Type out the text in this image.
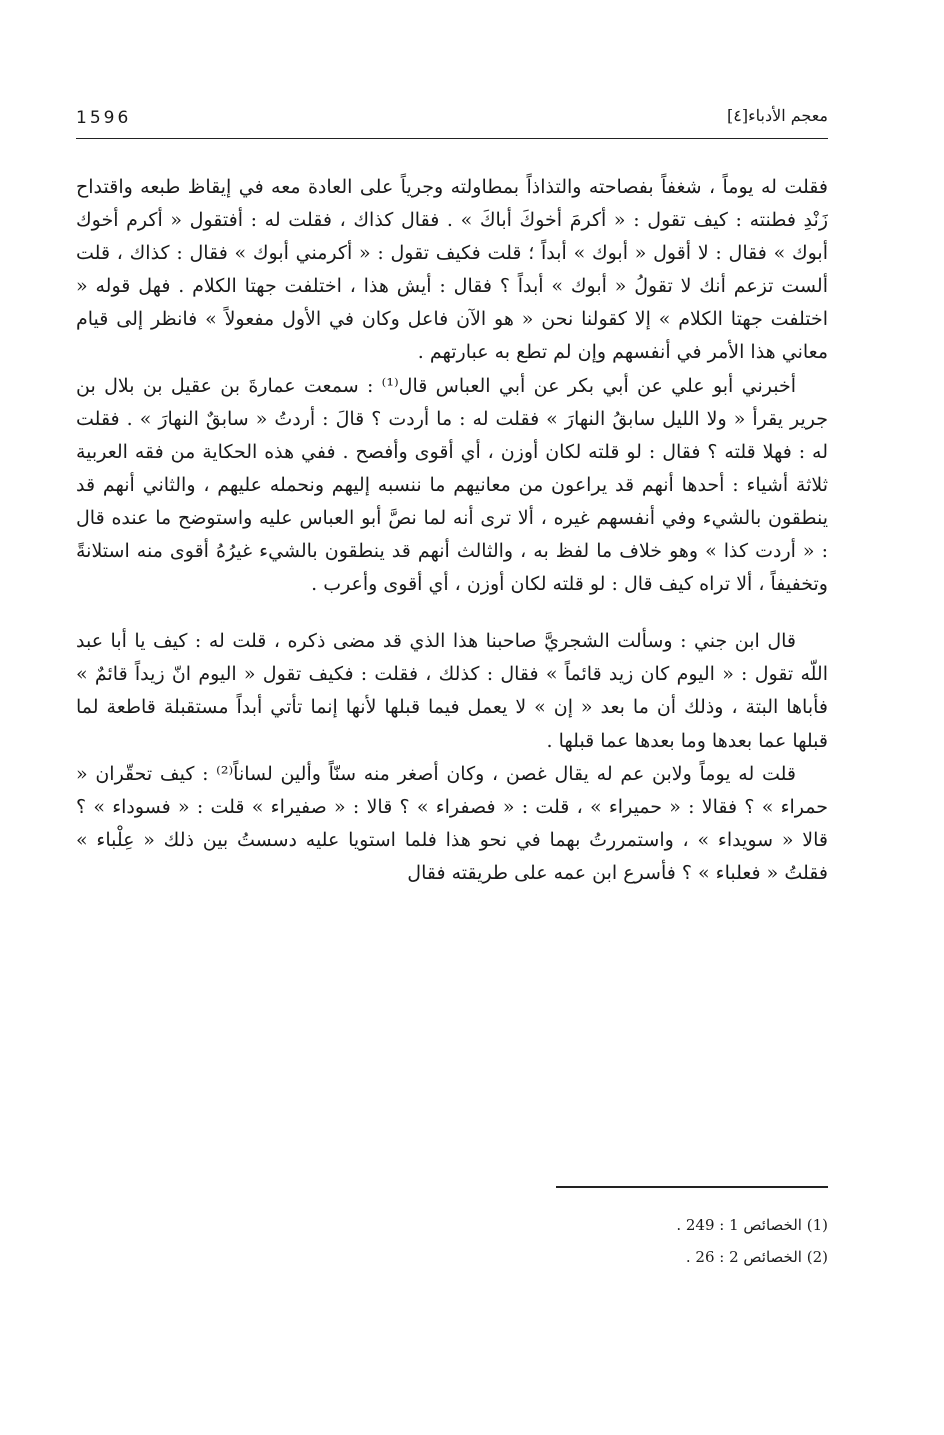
1596	معجم الأدباء[٤]

فقلت له يوماً ، شغفاً بفصاحته والتذاذاً بمطاولته وجرياً على العادة معه في إيقاظ طبعه واقتداح زَنْدِ فطنته : كيف تقول : « أكرمَ أخوكَ أباكَ » . فقال كذاك ، فقلت له : أفتقول « أكرم أخوك أبوك » فقال : لا أقول « أبوك » أبداً ؛ قلت فكيف تقول : « أكرمني أبوك » فقال : كذاك ، قلت ألست تزعم أنك لا تقولُ « أبوك » أبداً ؟ فقال : أيش هذا ، اختلفت جهتا الكلام . فهل قوله « اختلفت جهتا الكلام » إلا كقولنا نحن « هو الآن فاعل وكان في الأول مفعولاً » فانظر إلى قيام معاني هذا الأمر في أنفسهم وإن لم تطع به عبارتهم .

أخبرني أبو علي عن أبي بكر عن أبي العباس قال⁽¹⁾ : سمعت عمارةَ بن عقيل بن بلال بن جرير يقرأ « ولا الليل سابقُ النهارَ » فقلت له : ما أردت ؟ قالَ : أردتُ « سابقٌ النهارَ » . فقلت له : فهلا قلته ؟ فقال : لو قلته لكان أوزن ، أي أقوى وأفصح . ففي هذه الحكاية من فقه العربية ثلاثة أشياء : أحدها أنهم قد يراعون من معانيهم ما ننسبه إليهم ونحمله عليهم ، والثاني أنهم قد ينطقون بالشيء وفي أنفسهم غيره ، ألا ترى أنه لما نصَّ أبو العباس عليه واستوضح ما عنده قال : « أردت كذا » وهو خلاف ما لفظ به ، والثالث أنهم قد ينطقون بالشيء غيرُهُ أقوى منه استلانةً وتخفيفاً ، ألا تراه كيف قال : لو قلته لكان أوزن ، أي أقوى وأعرب .

قال ابن جني : وسألت الشجريَّ صاحبنا هذا الذي قد مضى ذكره ، قلت له : كيف يا أبا عبد اللّه تقول : « اليوم كان زيد قائماً » فقال : كذلك ، فقلت : فكيف تقول « اليوم انّ زيداً قائمٌ » فأباها البتة ، وذلك أن ما بعد « إن » لا يعمل فيما قبلها لأنها إنما تأتي أبداً مستقبلة قاطعة لما قبلها عما بعدها وما بعدها عما قبلها .

قلت له يوماً ولابن عم له يقال غصن ، وكان أصغر منه سنّاً وألين لساناً⁽²⁾ : كيف تحقّران « حمراء » ؟ فقالا : « حميراء » ، قلت : « فصفراء » ؟ قالا : « صفيراء » قلت : « فسوداء » ؟ قالا « سويداء » ، واستمررتُ بهما في نحو هذا فلما استويا عليه دسستُ بين ذلك « عِلْباء » فقلتُ « فعلباء » ؟ فأسرع ابن عمه على طريقته فقال

(1) الخصائص 1 : 249 .

(2) الخصائص 2 : 26 .
